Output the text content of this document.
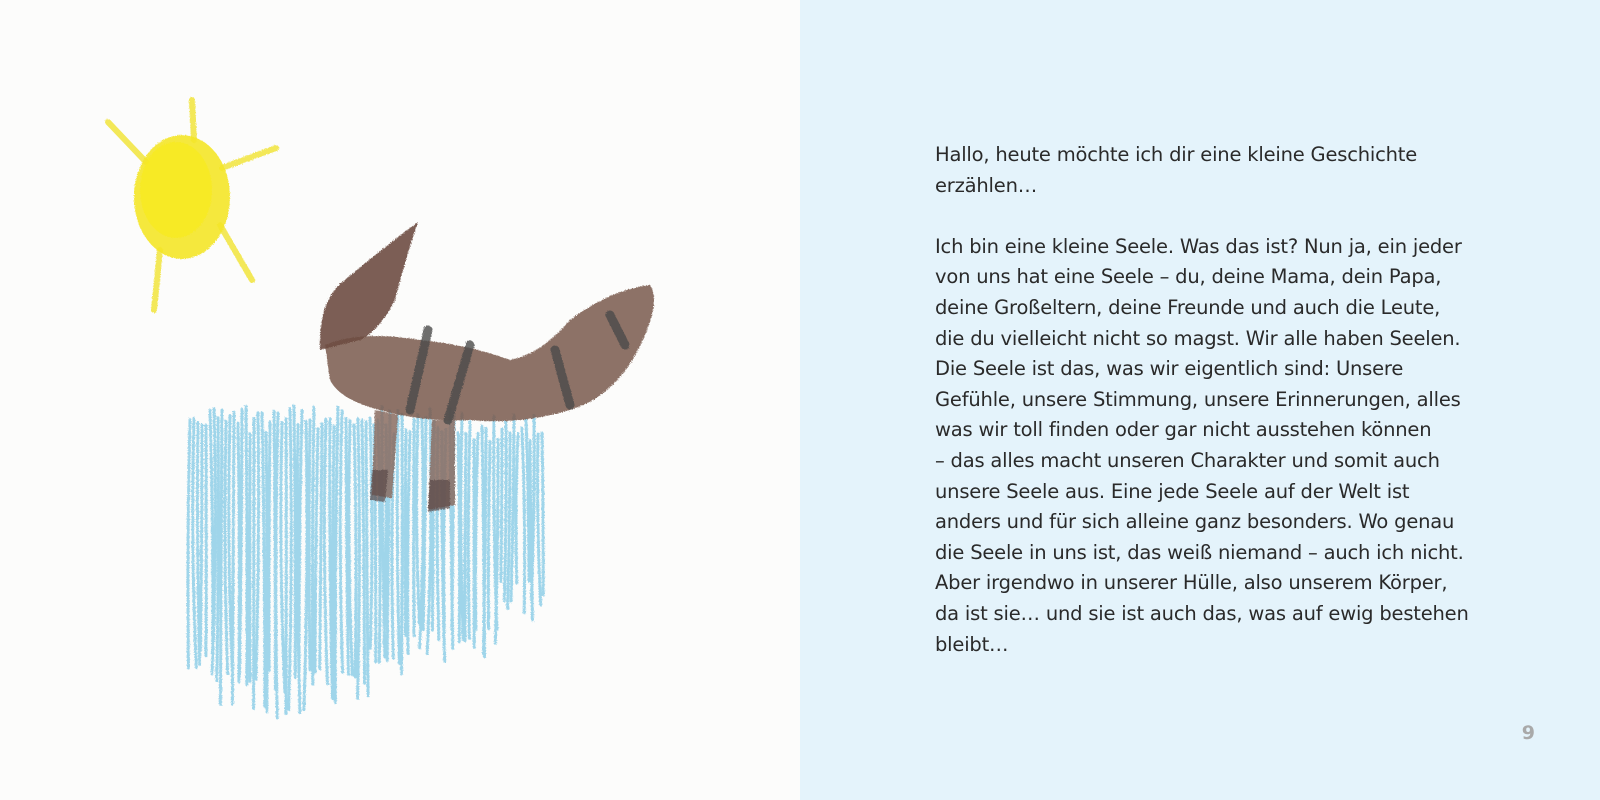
Hallo, heute möchte ich dir eine kleine Geschichte
erzählen…

Ich bin eine kleine Seele. Was das ist? Nun ja, ein jeder
von uns hat eine Seele – du, deine Mama, dein Papa,
deine Großeltern, deine Freunde und auch die Leute,
die du vielleicht nicht so magst. Wir alle haben Seelen.
Die Seele ist das, was wir eigentlich sind: Unsere
Gefühle, unsere Stimmung, unsere Erinnerungen, alles
was wir toll finden oder gar nicht ausstehen können
– das alles macht unseren Charakter und somit auch
unsere Seele aus. Eine jede Seele auf der Welt ist
anders und für sich alleine ganz besonders. Wo genau
die Seele in uns ist, das weiß niemand – auch ich nicht.
Aber irgendwo in unserer Hülle, also unserem Körper,
da ist sie… und sie ist auch das, was auf ewig bestehen
bleibt…

9
